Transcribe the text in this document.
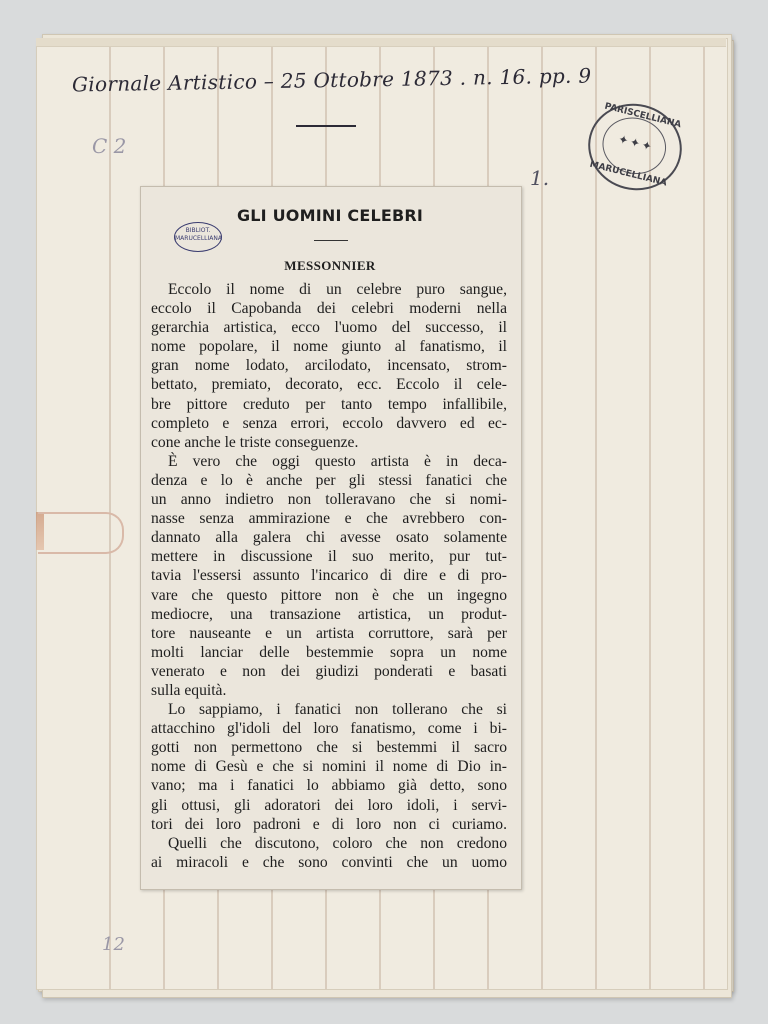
Giornale Artistico – 25 Ottobre 1873 . n. 16. pp. 9
C 2
1.
12
PARISCELLIANA
✦✦✦
MARUCELLIANA
BIBLIOT.
MARUCELLIANA
GLI UOMINI CELEBRI
MESSONNIER
Eccolo il nome di un celebre puro sangue,
eccolo il Capobanda dei celebri moderni nella
gerarchia artistica, ecco l'uomo del successo, il
nome popolare, il nome giunto al fanatismo, il
gran nome lodato, arcilodato, incensato, strom-
bettato, premiato, decorato, ecc. Eccolo il cele-
bre pittore creduto per tanto tempo infallibile,
completo e senza errori, eccolo davvero ed ec-
cone anche le triste conseguenze.
È vero che oggi questo artista è in deca-
denza e lo è anche per gli stessi fanatici che
un anno indietro non tolleravano che si nomi-
nasse senza ammirazione e che avrebbero con-
dannato alla galera chi avesse osato solamente
mettere in discussione il suo merito, pur tut-
tavia l'essersi assunto l'incarico di dire e di pro-
vare che questo pittore non è che un ingegno
mediocre, una transazione artistica, un produt-
tore nauseante e un artista corruttore, sarà per
molti lanciar delle bestemmie sopra un nome
venerato e non dei giudizi ponderati e basati
sulla equità.
Lo sappiamo, i fanatici non tollerano che si
attacchino gl'idoli del loro fanatismo, come i bi-
gotti non permettono che si bestemmi il sacro
nome di Gesù e che si nomini il nome di Dio in-
vano; ma i fanatici lo abbiamo già detto, sono
gli ottusi, gli adoratori dei loro idoli, i servi-
tori dei loro padroni e di loro non ci curiamo.
Quelli che discutono, coloro che non credono
ai miracoli e che sono convinti che un uomo
